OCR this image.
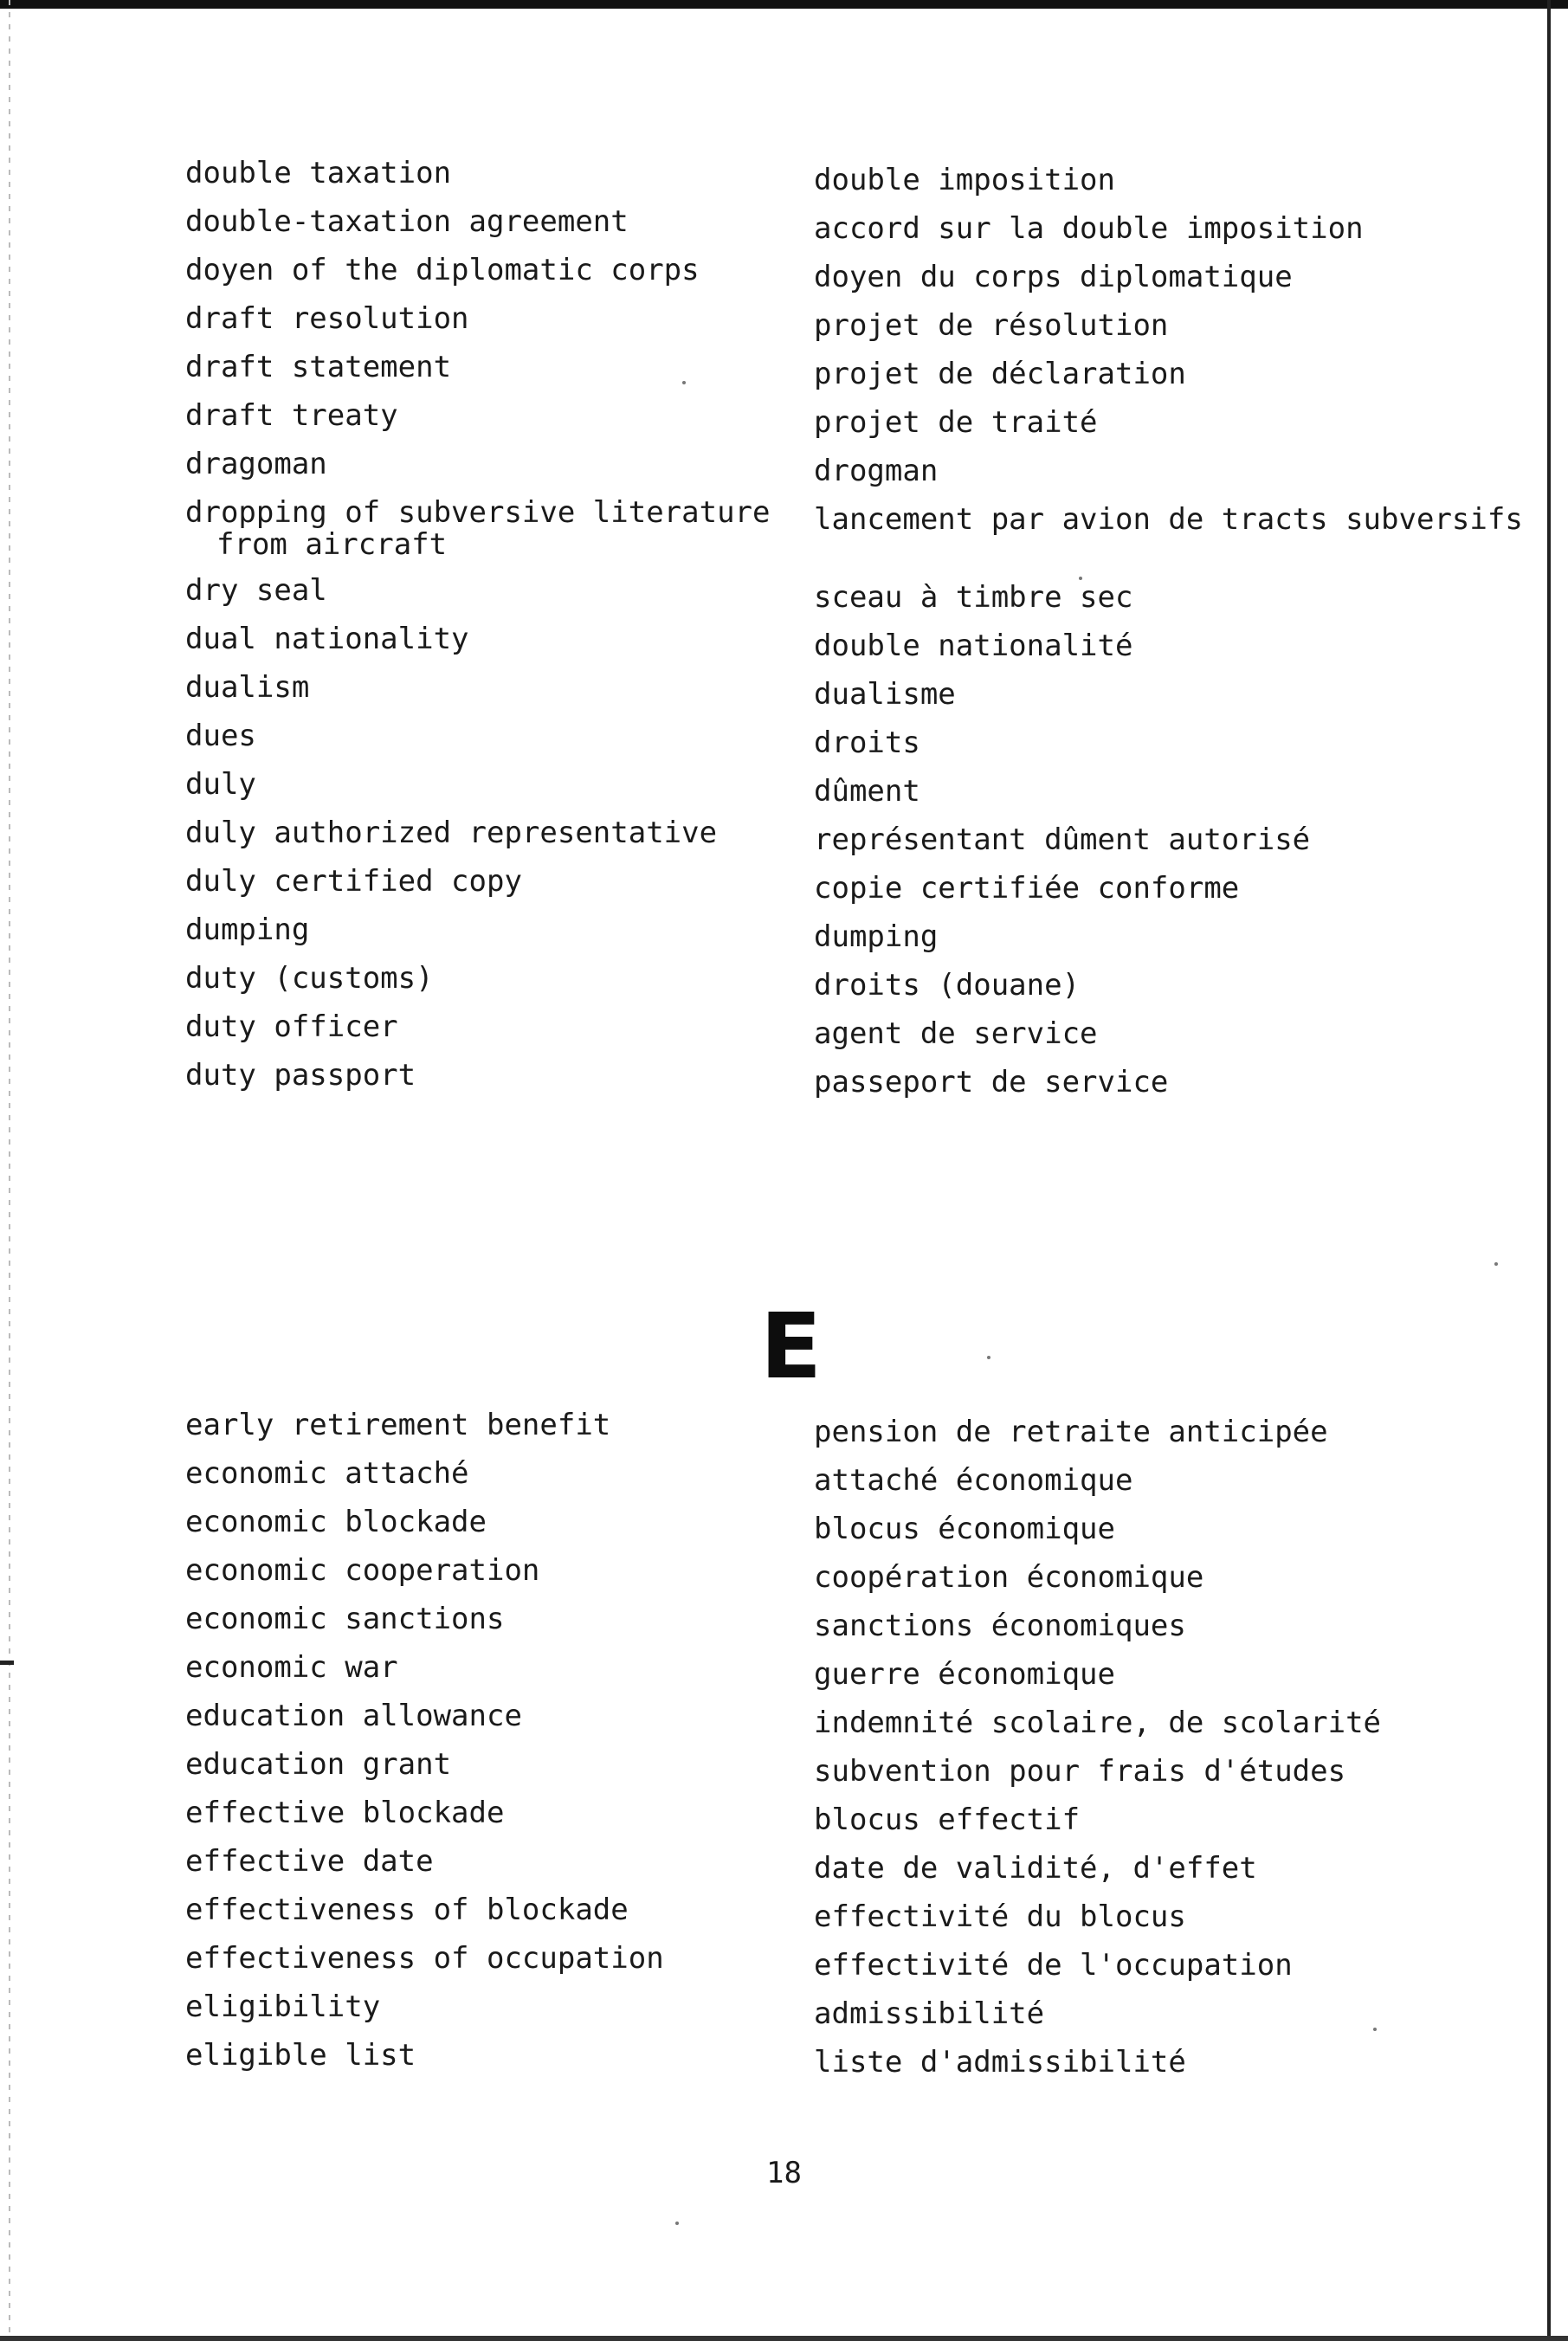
double taxation
double-taxation agreement
doyen of the diplomatic corps
draft resolution
draft statement
draft treaty
dragoman
dropping of subversive literature
from aircraft
dry seal
dual nationality
dualism
dues
duly
duly authorized representative
duly certified copy
dumping
duty (customs)
duty officer
duty passport
double imposition
accord sur la double imposition
doyen du corps diplomatique
projet de résolution
projet de déclaration
projet de traité
drogman
lancement par avion de tracts subversifs
sceau à timbre sec
double nationalité
dualisme
droits
dûment
représentant dûment autorisé
copie certifiée conforme
dumping
droits (douane)
agent de service
passeport de service
E
early retirement benefit
economic attaché
economic blockade
economic cooperation
economic sanctions
economic war
education allowance
education grant
effective blockade
effective date
effectiveness of blockade
effectiveness of occupation
eligibility
eligible list
pension de retraite anticipée
attaché économique
blocus économique
coopération économique
sanctions économiques
guerre économique
indemnité scolaire, de scolarité
subvention pour frais d'études
blocus effectif
date de validité, d'effet
effectivité du blocus
effectivité de l'occupation
admissibilité
liste d'admissibilité
18
